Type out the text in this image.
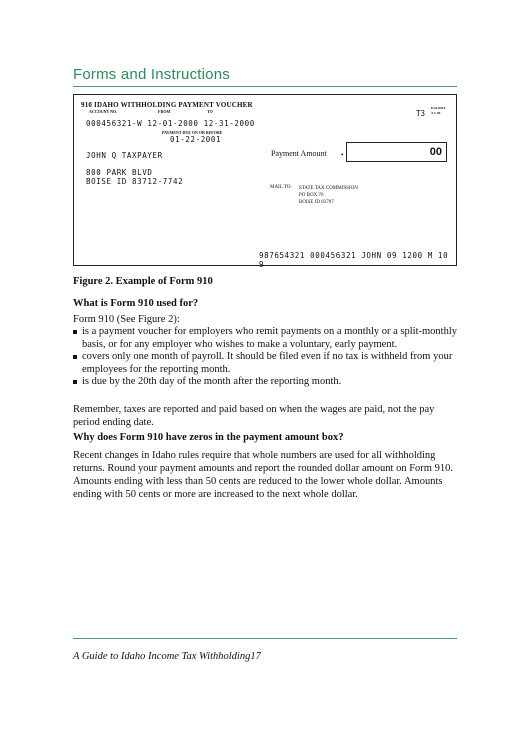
Forms and Instructions
910 IDAHO WITHHOLDING PAYMENT VOUCHER
ACCOUNT NO.	FROM	TO
000456321-W 12-01-2000 12-31-2000
PAYMENT DUE ON OR BEFORE
01-22-2001
EGL0016
4-7-00
T3
JOHN Q TAXPAYER
800 PARK BLVD
BOISE ID 83712-7742
Payment Amount •	00
MAIL TO: STATE TAX COMMISSION
PO BOX 76
BOISE ID 83707
987654321 000456321 JOHN 09 1200 M 10 9
Figure 2. Example of Form 910
What is Form 910 used for?
Form 910 (See Figure 2):
is a payment voucher for employers who remit payments on a monthly or a split-monthly basis, or for any employer who wishes to make a voluntary, early payment.
covers only one month of payroll. It should be filed even if no tax is withheld from your employees for the reporting month.
is due by the 20th day of the month after the reporting month.
Remember, taxes are reported and paid based on when the wages are paid, not the pay period ending date.
Why does Form 910 have zeros in the payment amount box?
Recent changes in Idaho rules require that whole numbers are used for all withholding returns. Round your payment amounts and report the rounded dollar amount on Form 910. Amounts ending with less than 50 cents are reduced to the lower whole dollar. Amounts ending with 50 cents or more are increased to the next whole dollar.
A Guide to Idaho Income Tax Withholding17
